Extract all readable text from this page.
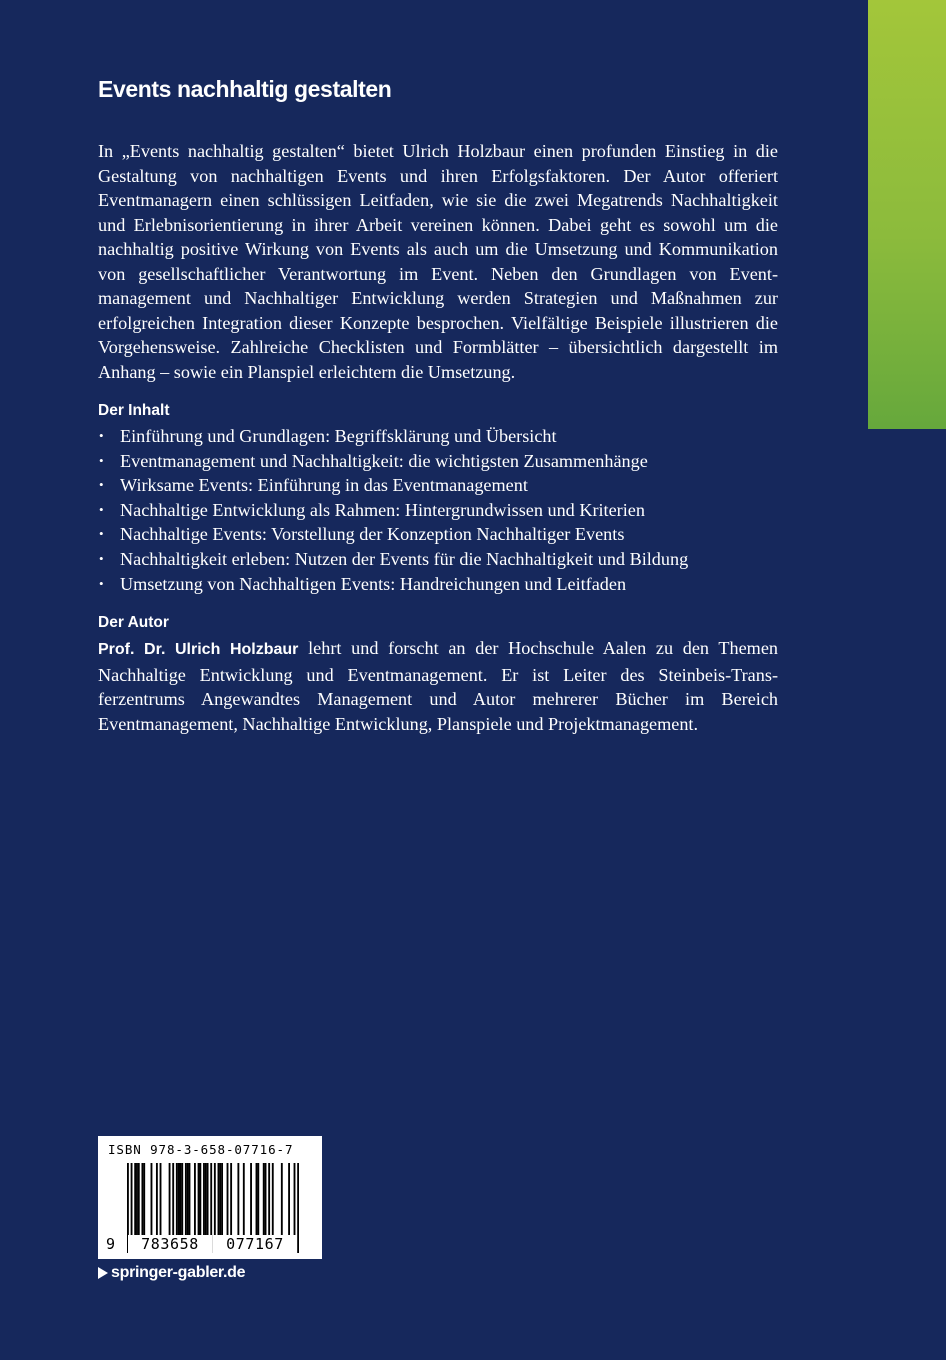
Events nachhaltig gestalten

In „Events nachhaltig gestalten“ bietet Ulrich Holzbaur einen profunden Einstieg in die Gestaltung von nachhaltigen Events und ihren Erfolgsfaktoren. Der Autor offeriert Eventmanagern einen schlüssigen Leitfaden, wie sie die zwei Megatrends Nachhaltigkeit und Erlebnisorientierung in ihrer Arbeit vereinen können. Dabei geht es sowohl um die nachhaltig positive Wirkung von Events als auch um die Umsetzung und Kommunikation von gesellschaftlicher Verantwortung im Event. Neben den Grundlagen von Eventmanagement und Nachhaltiger Entwicklung werden Strategien und Maßnahmen zur erfolgreichen Integration dieser Konzepte besprochen. Vielfältige Beispiele illustrieren die Vorgehensweise. Zahlreiche Checklisten und Formblätter – übersichtlich dargestellt im Anhang – sowie ein Planspiel erleichtern die Umsetzung.

Der Inhalt
• Einführung und Grundlagen: Begriffsklärung und Übersicht
• Eventmanagement und Nachhaltigkeit: die wichtigsten Zusammenhänge
• Wirksame Events: Einführung in das Eventmanagement
• Nachhaltige Entwicklung als Rahmen: Hintergrundwissen und Kriterien
• Nachhaltige Events: Vorstellung der Konzeption Nachhaltiger Events
• Nachhaltigkeit erleben: Nutzen der Events für die Nachhaltigkeit und Bildung
• Umsetzung von Nachhaltigen Events: Handreichungen und Leitfaden
Der Autor

Prof. Dr. Ulrich Holzbaur lehrt und forscht an der Hochschule Aalen zu den Themen Nachhaltige Entwicklung und Eventmanagement. Er ist Leiter des Steinbeis-Transferzentrums Angewandtes Management und Autor mehrerer Bücher im Bereich Eventmanagement, Nachhaltige Entwicklung, Planspiele und Projektmanagement.

ISBN 978-3-658-07716-7
9	783658	077167
springer-gabler.de
